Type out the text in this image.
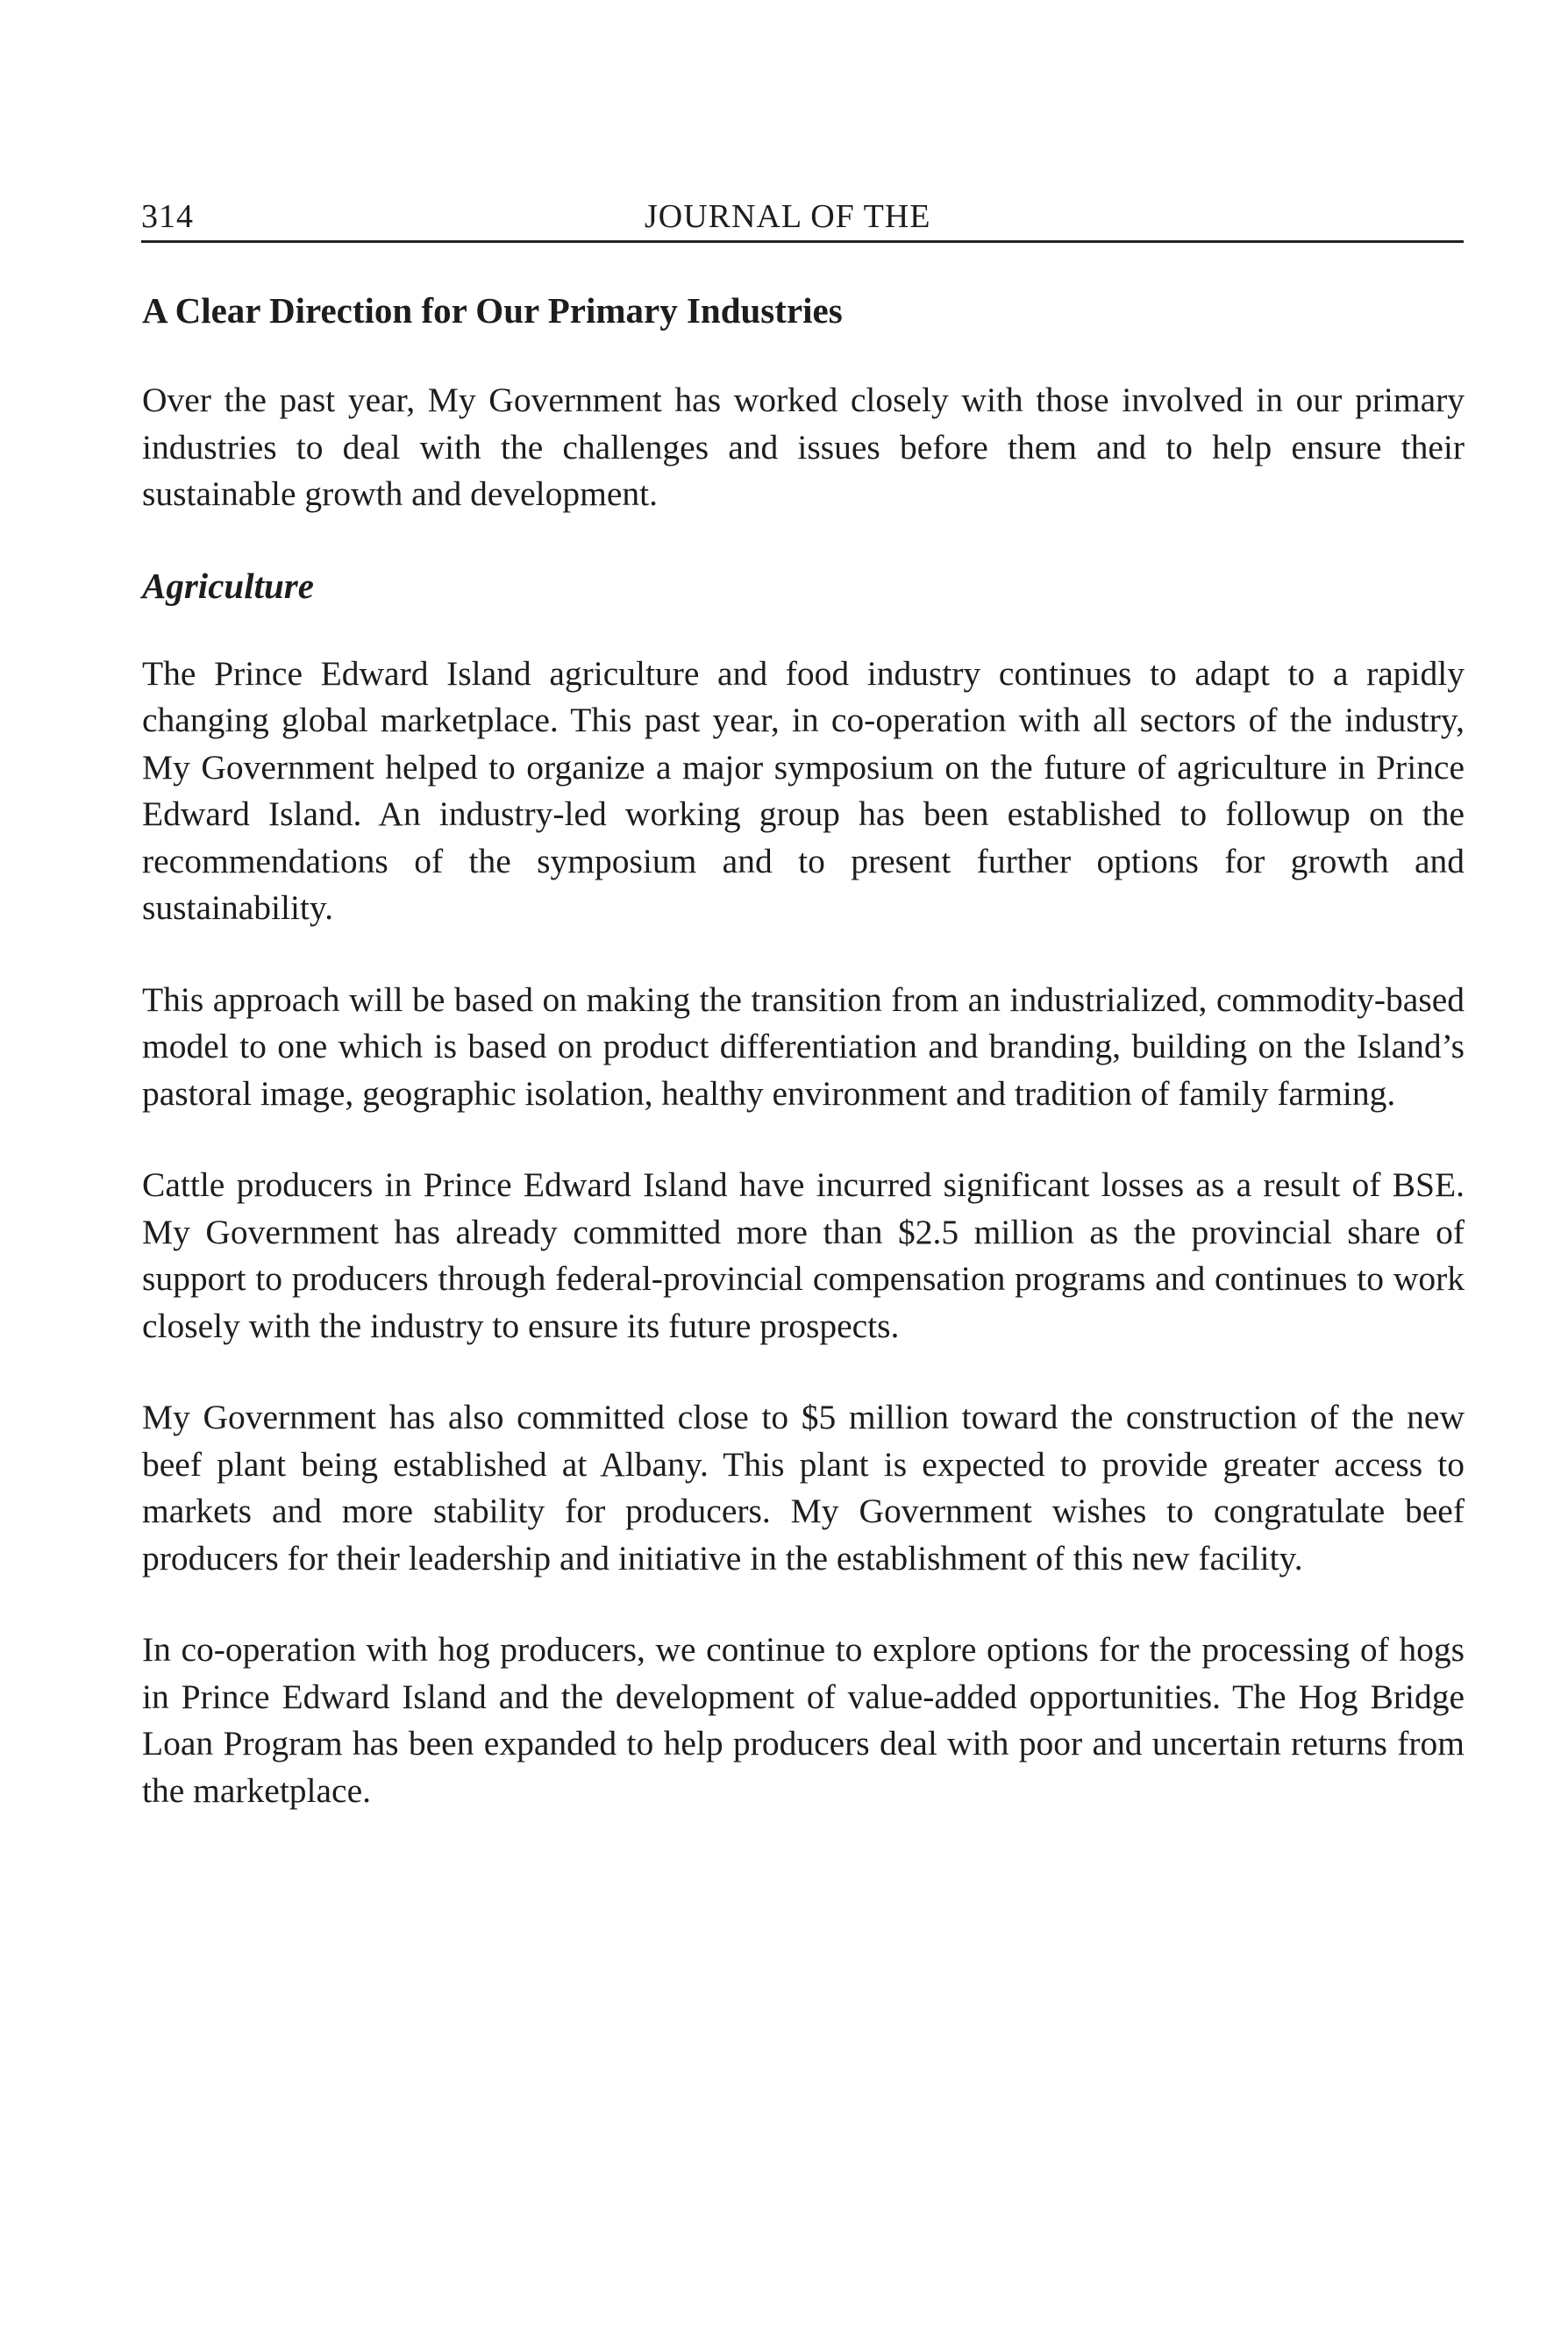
314	JOURNAL OF THE
A Clear Direction for Our Primary Industries

Over the past year, My Government has worked closely with those involved in our primary industries to deal with the challenges and issues before them and to help ensure their sustainable growth and development.

Agriculture

The Prince Edward Island agriculture and food industry continues to adapt to a rapidly changing global marketplace. This past year, in co-operation with all sectors of the industry, My Government helped to organize a major symposium on the future of agriculture in Prince Edward Island. An industry-led working group has been established to followup on the recommendations of the symposium and to present further options for growth and sustainability.

This approach will be based on making the transition from an industrialized, commodity-based model to one which is based on product differentiation and branding, building on the Island’s pastoral image, geographic isolation, healthy environment and tradition of family farming.

Cattle producers in Prince Edward Island have incurred significant losses as a result of BSE. My Government has already committed more than $2.5 million as the provincial share of support to producers through federal-provincial compensation programs and continues to work closely with the industry to ensure its future prospects.

My Government has also committed close to $5 million toward the construction of the new beef plant being established at Albany. This plant is expected to provide greater access to markets and more stability for producers. My Government wishes to congratulate beef producers for their leadership and initiative in the establishment of this new facility.

In co-operation with hog producers, we continue to explore options for the processing of hogs in Prince Edward Island and the development of value-added opportunities. The Hog Bridge Loan Program has been expanded to help producers deal with poor and uncertain returns from the marketplace.
